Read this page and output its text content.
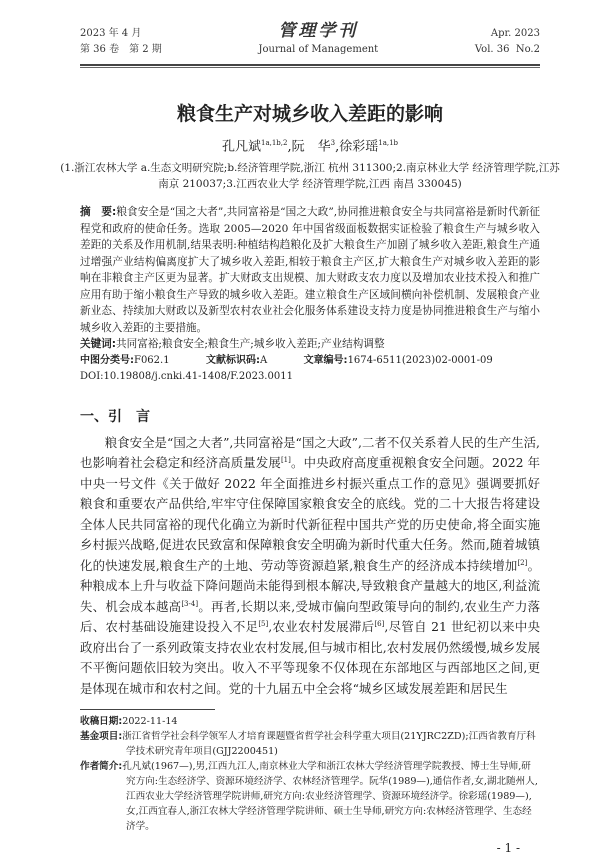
2023 年 4 月
第 36 卷　第 2 期
管理学刊
Journal of Management
Apr. 2023
Vol. 36  No.2
粮食生产对城乡收入差距的影响
孔凡斌$^{1a,1b,2}$,阮　华$^3$,徐彩瑶$^{1a,1b}$
(1.浙江农林大学 a.生态文明研究院;b.经济管理学院,浙江 杭州 311300;2.南京林业大学 经济管理学院,江苏 南京 210037;3.江西农业大学 经济管理学院,江西 南昌 330045)
摘　要:粮食安全是“国之大者”,共同富裕是“国之大政”,协同推进粮食安全与共同富裕是新时代新征程党和政府的使命任务。选取 2005—2020 年中国省级面板数据实证检验了粮食生产与城乡收入差距的关系及作用机制,结果表明:种植结构趋粮化及扩大粮食生产加剧了城乡收入差距,粮食生产通过增强产业结构偏离度扩大了城乡收入差距,相较于粮食主产区,扩大粮食生产对城乡收入差距的影响在非粮食主产区更为显著。扩大财政支出规模、加大财政支农力度以及增加农业技术投入和推广应用有助于缩小粮食生产导致的城乡收入差距。建立粮食生产区域间横向补偿机制、发展粮食产业新业态、持续加大财政以及新型农村农业社会化服务体系建设支持力度是协同推进粮食生产与缩小城乡收入差距的主要措施。
关键词:共同富裕;粮食安全;粮食生产;城乡收入差距;产业结构调整
中图分类号:F062.1	文献标识码:A	文章编号:1674-6511(2023)02-0001-09
DOI:10.19808/j.cnki.41-1408/F.2023.0011
一、引　言
粮食安全是“国之大者”,共同富裕是“国之大政”,二者不仅关系着人民的生产生活,也影响着社会稳定和经济高质量发展[1]。中央政府高度重视粮食安全问题。2022 年中央一号文件《关于做好 2022 年全面推进乡村振兴重点工作的意见》强调要抓好粮食和重要农产品供给,牢牢守住保障国家粮食安全的底线。党的二十大报告将建设全体人民共同富裕的现代化确立为新时代新征程中国共产党的历史使命,将全面实施乡村振兴战略,促进农民致富和保障粮食安全明确为新时代重大任务。然而,随着城镇化的快速发展,粮食生产的土地、劳动等资源趋紧,粮食生产的经济成本持续增加[2]。种粮成本上升与收益下降问题尚未能得到根本解决,导致粮食产量越大的地区,利益流失、机会成本越高[3-4]。再者,长期以来,受城市偏向型政策导向的制约,农业生产力落后、农村基础设施建设投入不足[5],农业农村发展滞后[6],尽管自 21 世纪初以来中央政府出台了一系列政策支持农业农村发展,但与城市相比,农村发展仍然缓慢,城乡发展不平衡问题依旧较为突出。收入不平等现象不仅体现在东部地区与西部地区之间,更是体现在城市和农村之间。党的十九届五中全会将“城乡区域发展差距和居民生
收稿日期:2022-11-14
基金项目:浙江省哲学社会科学领军人才培育课题暨省哲学社会科学重大项目(21YJRC2ZD);江西省教育厅科学技术研究青年项目(GJJ2200451)
作者简介:孔凡斌(1967—),男,江西九江人,南京林业大学和浙江农林大学经济管理学院教授、博士生导师,研究方向:生态经济学、资源环境经济学、农林经济管理学。阮华(1989—),通信作者,女,湖北随州人,江西农业大学经济管理学院讲师,研究方向:农业经济管理学、资源环境经济学。徐彩瑶(1989—),女,江西宜春人,浙江农林大学经济管理学院讲师、硕士生导师,研究方向:农林经济管理学、生态经济学。
- 1 -
